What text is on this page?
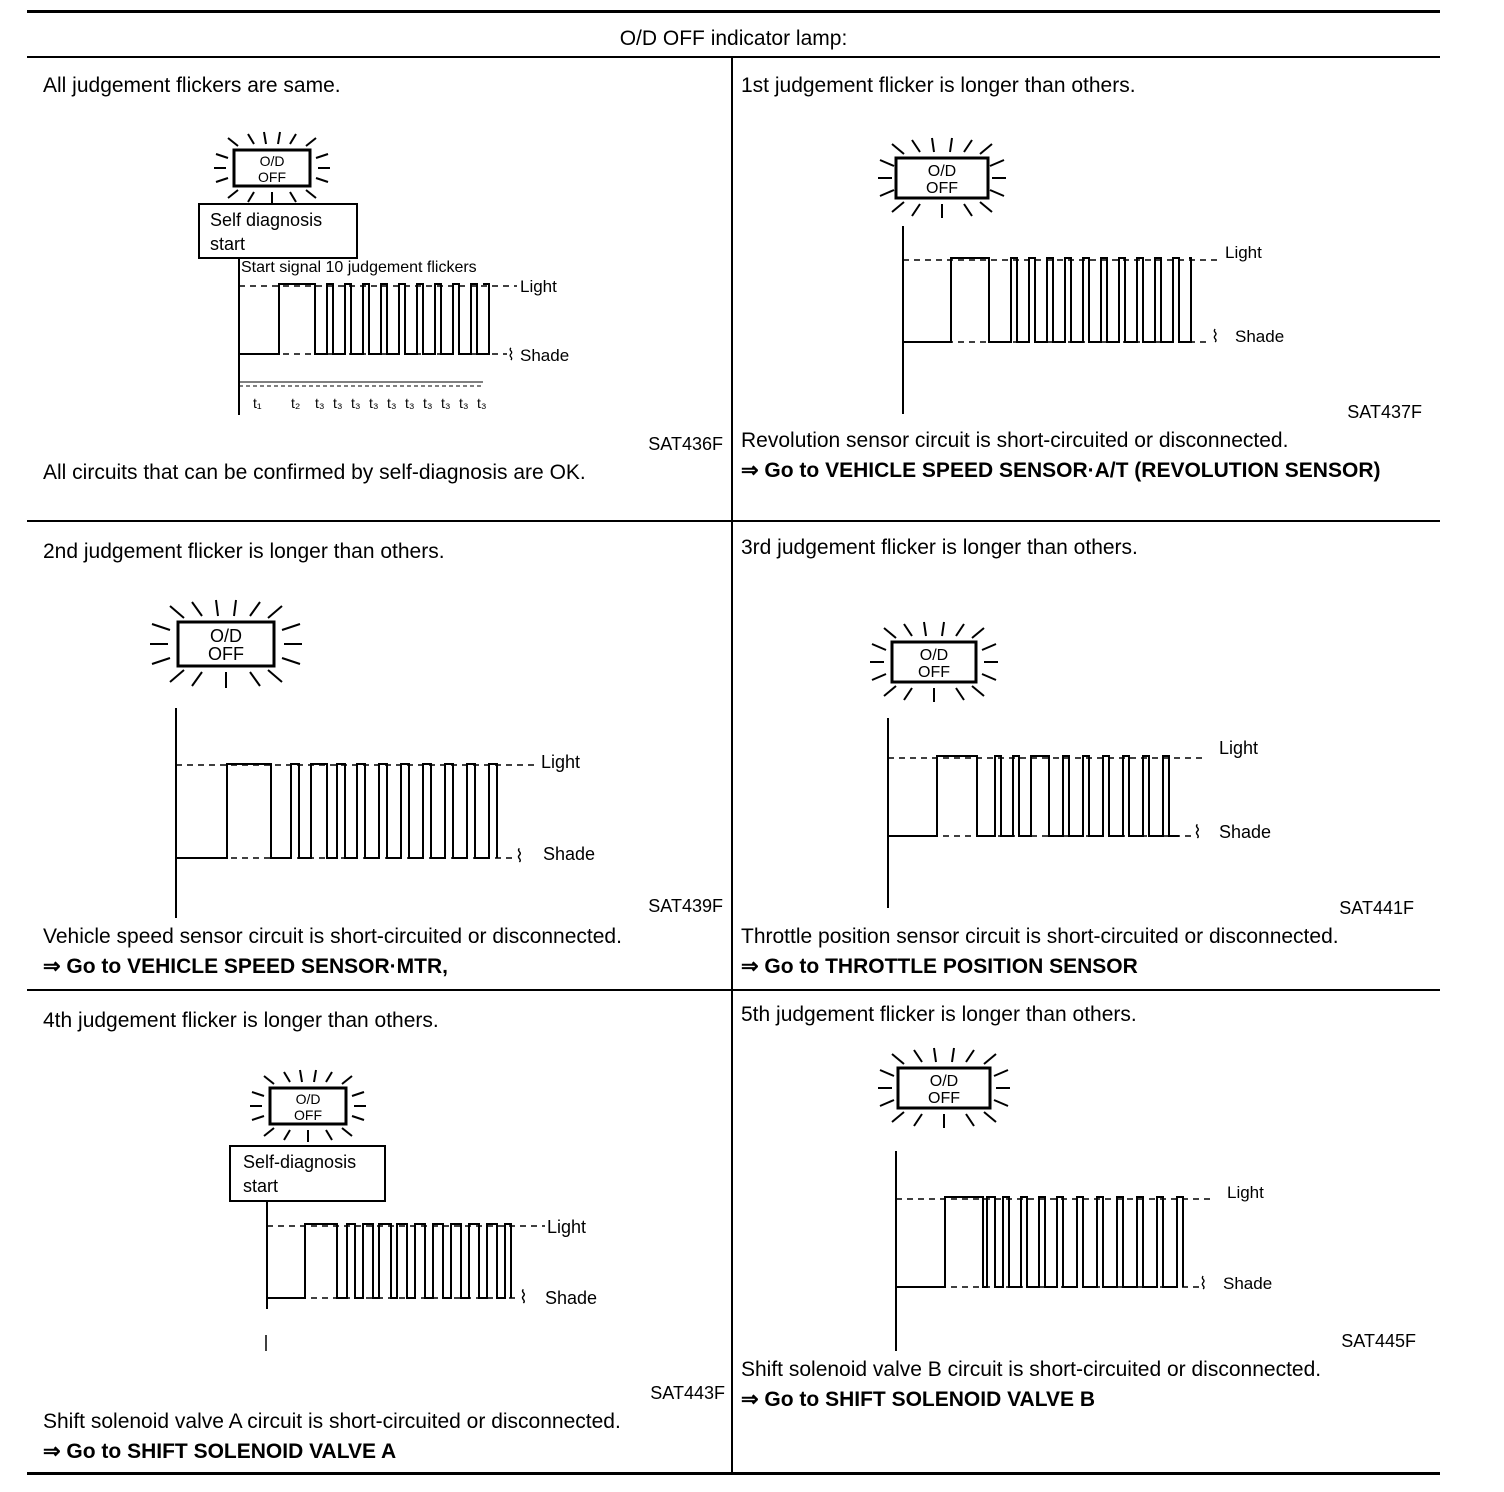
O/D OFF indicator lamp:
All judgement flickers are same.
O/D
OFF
Self diagnosis
start
Start signal 10 judgement flickers
Light
Shade
⌇
t₁ t₂ t₃ t₃ t₃ t₃ t₃ t₃ t₃ t₃ t₃ t₃
SAT436F
All circuits that can be confirmed by self-diagnosis are OK.
1st judgement flicker is longer than others.
O/D
OFF
Light
⌇ Shade
SAT437F
Revolution sensor circuit is short-circuited or disconnected.
⇒ Go to VEHICLE SPEED SENSOR·A/T (REVOLUTION SENSOR)
2nd judgement flicker is longer than others.
O/D
OFF
Light
⌇ Shade
SAT439F
Vehicle speed sensor circuit is short-circuited or disconnected.
⇒ Go to VEHICLE SPEED SENSOR·MTR,
3rd judgement flicker is longer than others.
O/D
OFF
Light
⌇ Shade
SAT441F
Throttle position sensor circuit is short-circuited or disconnected.
⇒ Go to THROTTLE POSITION SENSOR
4th judgement flicker is longer than others.
O/D
OFF
Self-diagnosis
start
Light
⌇ Shade
SAT443F
Shift solenoid valve A circuit is short-circuited or disconnected.
⇒ Go to SHIFT SOLENOID VALVE A
5th judgement flicker is longer than others.
O/D
OFF
Light
⌇ Shade
SAT445F
Shift solenoid valve B circuit is short-circuited or disconnected.
⇒ Go to SHIFT SOLENOID VALVE B
